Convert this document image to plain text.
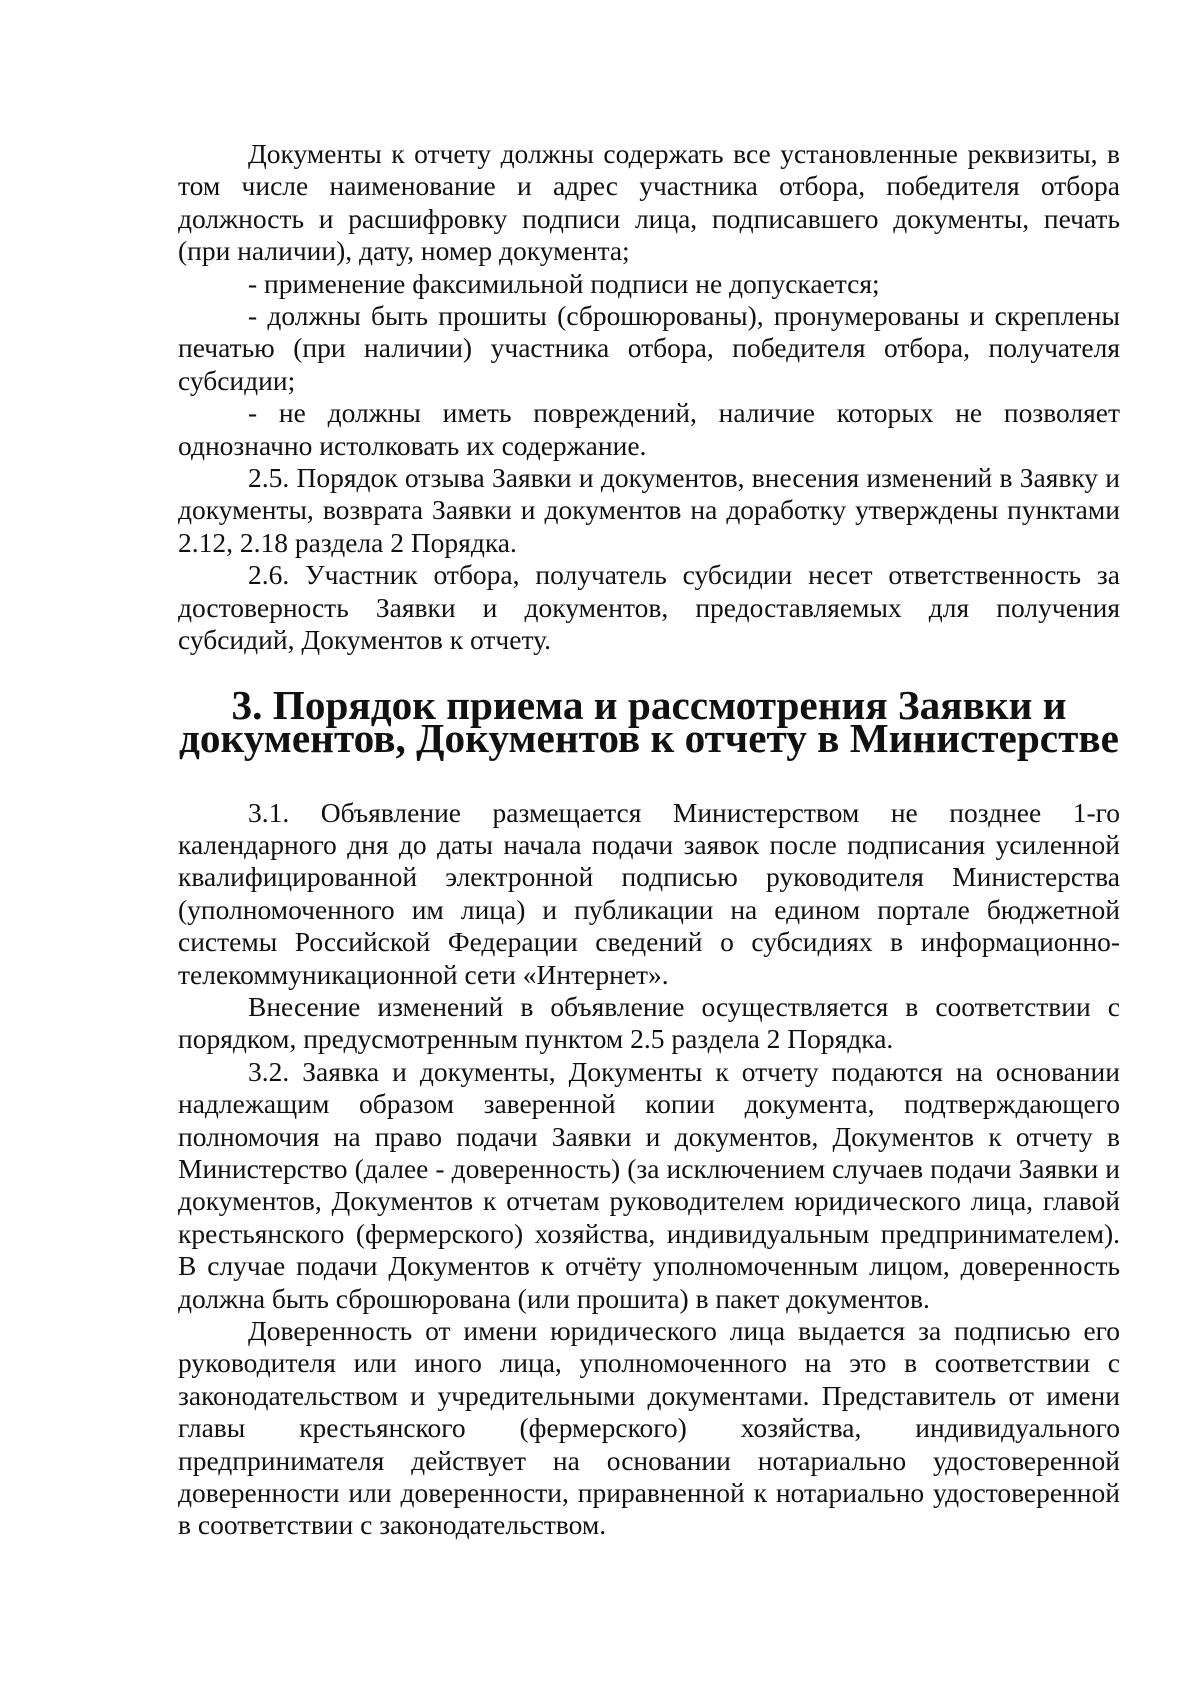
Документы к отчету должны содержать все установленные реквизиты, в том числе наименование и адрес участника отбора, победителя отбора должность и расшифровку подписи лица, подписавшего документы, печать (при наличии), дату, номер документа;

- применение факсимильной подписи не допускается;

- должны быть прошиты (сброшюрованы), пронумерованы и скреплены печатью (при наличии) участника отбора, победителя отбора, получателя субсидии;

- не должны иметь повреждений, наличие которых не позволяет однозначно истолковать их содержание.

2.5. Порядок отзыва Заявки и документов, внесения изменений в Заявку и документы, возврата Заявки и документов на доработку утверждены пунктами 2.12, 2.18 раздела 2 Порядка.

2.6. Участник отбора, получатель субсидии несет ответственность за достоверность Заявки и документов, предоставляемых для получения субсидий, Документов к отчету.

3. Порядок приема и рассмотрения Заявки и документов, Документов к отчету в Министерстве

3.1. Объявление размещается Министерством не позднее 1-го календарного дня до даты начала подачи заявок после подписания усиленной квалифицированной электронной подписью руководителя Министерства (уполномоченного им лица) и публикации на едином портале бюджетной системы Российской Федерации сведений о субсидиях в информационно-телекоммуникационной сети «Интернет».

Внесение изменений в объявление осуществляется в соответствии с порядком, предусмотренным пунктом 2.5 раздела 2 Порядка.

3.2. Заявка и документы, Документы к отчету подаются на основании надлежащим образом заверенной копии документа, подтверждающего полномочия на право подачи Заявки и документов, Документов к отчету в Министерство (далее - доверенность) (за исключением случаев подачи Заявки и документов, Документов к отчетам руководителем юридического лица, главой крестьянского (фермерского) хозяйства, индивидуальным предпринимателем). В случае подачи Документов к отчёту уполномоченным лицом, доверенность должна быть сброшюрована (или прошита) в пакет документов.

Доверенность от имени юридического лица выдается за подписью его руководителя или иного лица, уполномоченного на это в соответствии с законодательством и учредительными документами. Представитель от имени главы крестьянского (фермерского) хозяйства, индивидуального предпринимателя действует на основании нотариально удостоверенной доверенности или доверенности, приравненной к нотариально удостоверенной в соответствии с законодательством.
